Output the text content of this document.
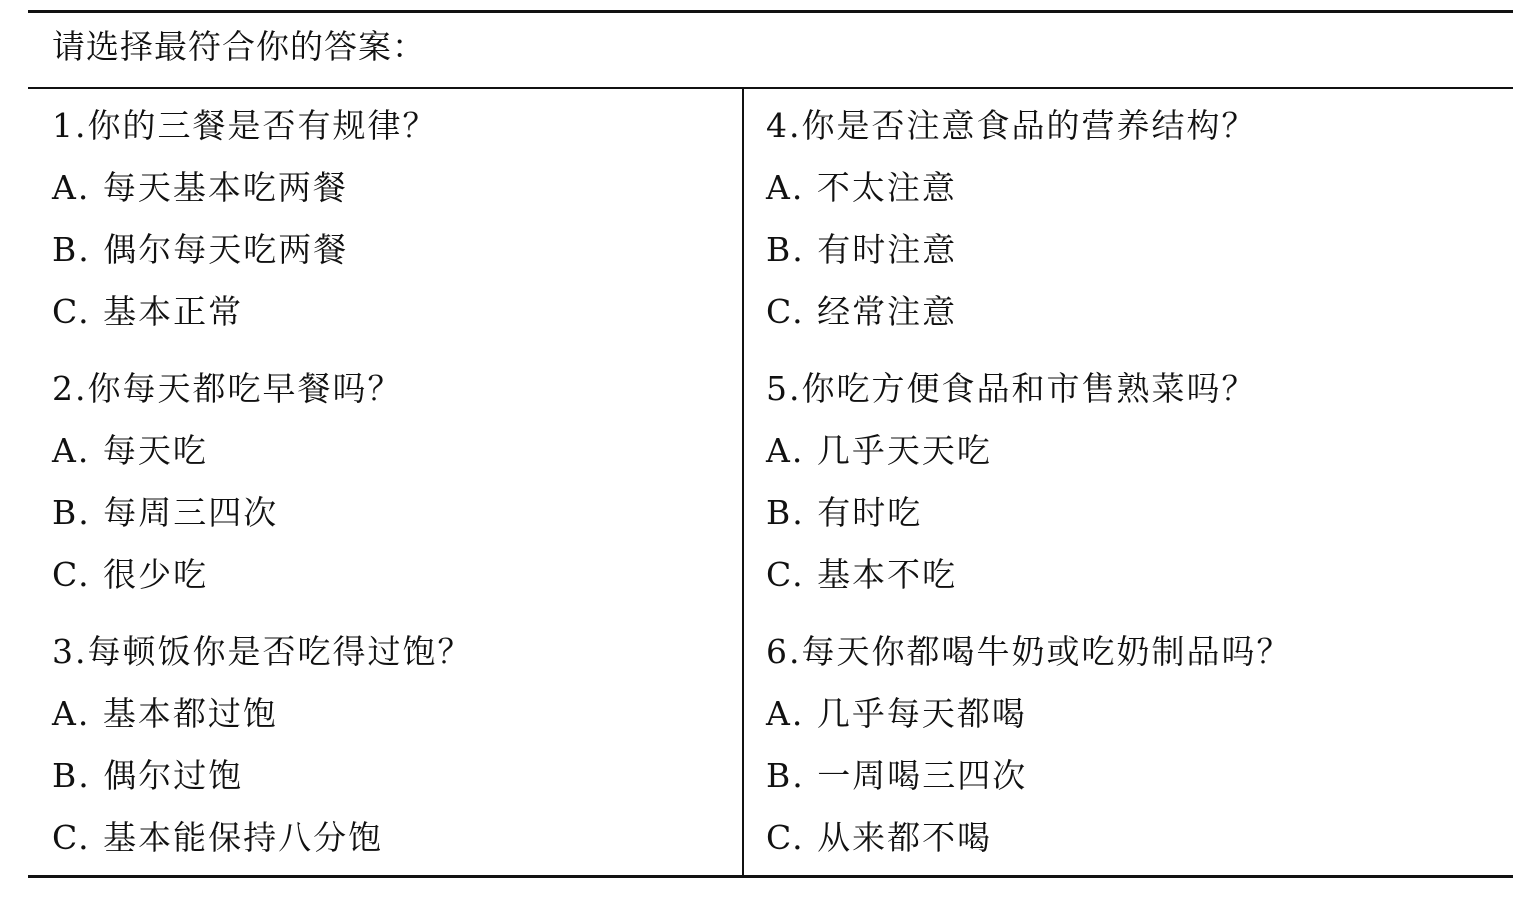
请选择最符合你的答案：
1.你的三餐是否有规律？
A. 每天基本吃两餐
B. 偶尔每天吃两餐
C. 基本正常
2.你每天都吃早餐吗？
A. 每天吃
B. 每周三四次
C. 很少吃
3.每顿饭你是否吃得过饱？
A. 基本都过饱
B. 偶尔过饱
C. 基本能保持八分饱
4.你是否注意食品的营养结构？
A. 不太注意
B. 有时注意
C. 经常注意
5.你吃方便食品和市售熟菜吗？
A. 几乎天天吃
B. 有时吃
C. 基本不吃
6.每天你都喝牛奶或吃奶制品吗？
A. 几乎每天都喝
B. 一周喝三四次
C. 从来都不喝
